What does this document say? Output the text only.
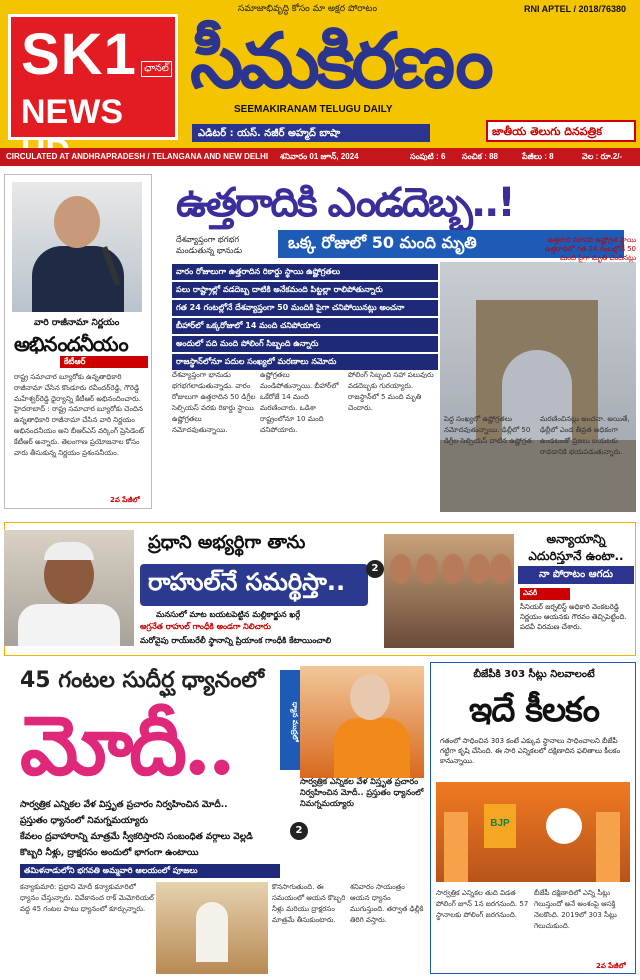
SK1 ఛానల్
NEWS
సమాజాభివృద్ధి కోసం మా అక్షర పోరాటం	RNI APTEL / 2018/76380
సీమకిరణం
SEEMAKIRANAM TELUGU DAILY
ఎడిటర్ : యస్. నజీర్ అహ్మద్ బాషా	జాతీయ తెలుగు దినపత్రిక
CIRCULATED AT ANDHRAPRADESH / TELANGANA AND NEW DELHI శనివారం 01 జూన్, 2024	సంపుటి : 6 సంచిక : 88	పేజీలు : 8	వెల : రూ.2/-
వారి రాజీనామా నిర్ణయం
అభినందనీయం
కేటీఆర్
రాష్ట్ర సమాచార బ్యూరోకు ఉన్నతాధికారి రాజీనామా చేసిన కొండూరు రవీందర్‌రెడ్డి, గౌరెడ్డి మహేశ్వర్‌రెడ్డి ధైర్యాన్ని కేటీఆర్ అభినందించారు.
హైదరాబాద్ : రాష్ట్ర సమాచార బ్యూరోకు చెందిన ఉన్నతాధికారి రాజీనామా చేసిన వారి నిర్ణయం అభినందనీయం అని బీఆర్ఎస్ వర్కింగ్ ప్రెసిడెంట్ కేటీఆర్ అన్నారు. తెలంగాణ ప్రయోజనాల కోసం వారు తీసుకున్న నిర్ణయం ప్రశంసనీయం.
2వ పేజీలో
ఉత్తరాదికి ఎండదెబ్బ..!
దేశవ్యాప్తంగా భగభగ మండుతున్న భానుడు	ఒక్క రోజులో 50 మంది మృతి
వారం రోజులుగా ఉత్తరాదిన రికార్డు స్థాయి ఉష్ణోగ్రతలు
పలు రాష్ట్రాల్లో వడదెబ్బ దాటికి అనేకమంది పిట్టల్లా రాలిపోతున్నారు
గత 24 గంటల్లోనే దేశవ్యాప్తంగా 50 మందికి పైగా చనిపోయినట్లు అంచనా
బీహార్‌లో ఒక్కరోజులో 14 మంది చనిపోయారు
అందులో పది మంది పోలింగ్ సిబ్బంది ఉన్నారు
రాజస్థాన్‌లోనూ పదుల సంఖ్యలో మరణాలు నమోదు
ఉత్తరాది సరాసరి ఉష్ణోగ్రత స్థాయి ఉత్తరాదిలో గత 24 గంటల్లోనే 50 మంది పైగా మృతి చెందినట్లు
దేశవ్యాప్తంగా భానుడు భగభగలాడుతున్నాడు. వారం రోజులుగా ఉత్తరాదిన 50 డిగ్రీల సెల్సియస్ వరకు రికార్డు స్థాయి ఉష్ణోగ్రతలు నమోదవుతున్నాయి.
ఉష్ణోగ్రతలు మండిపోతున్నాయి. బీహార్‌లో ఒకేరోజే 14 మంది మరణించారు. ఒడిశా రాష్ట్రంలోనూ 10 మంది చనిపోయారు.
పోలింగ్ సిబ్బంది సహా పలువురు వడదెబ్బకు గురయ్యారు. రాజస్థాన్‌లో 5 మంది మృతి చెందారు.
పెద్ద సంఖ్యలో ఉష్ణోగ్రతలు నమోదవుతున్నాయి. ఢిల్లీలో 50 డిగ్రీల సెల్సియస్ దాటిన ఉష్ణోగ్రత.
మరణించినట్లు అంచనా. అయితే, ఢిల్లీలో ఎండ తీవ్రత అధికంగా ఉండటంతో ప్రజలు బయటకు రావడానికి భయపడుతున్నారు.
ప్రధాని అభ్యర్థిగా తాను
రాహుల్‌నే సమర్థిస్తా..
మనసులో మాట బయటపెట్టిన మల్లికార్జున ఖర్గే
అగ్రనేత రాహుల్ గాంధీకి అండగా నిలిచారు
మరోవైపు రాయ్‌బరేలీ స్థానాన్ని ప్రియాంక గాంధీకి కేటాయించాలి
2
అన్యాయాన్ని ఎదురిస్తూనే ఉంటా..
నా పోరాటం ఆగదు
ఎవరీ
సీనియర్ జర్నలిస్ట్ అధికారి వెంకటరెడ్డి నిర్ణయం ఆయనకు గౌరవం తెచ్చిపెట్టింది. పదవీ విరమణ చేశారు.
45 గంటల సుదీర్ఘ ధ్యానంలో
మోదీ..	ధ్యాన ముద్రలో
సార్వత్రిక ఎన్నికల వేళ విస్తృత ప్రచారం నిర్వహించిన మోదీ.. ప్రస్తుతం ధ్యానంలో నిమగ్నమయ్యారు
సార్వత్రిక ఎన్నికల వేళ విస్తృత ప్రచారం నిర్వహించిన మోదీ..
ప్రస్తుతం ధ్యానంలో నిమగ్నమయ్యారు
కేవలం ద్రవాహారాన్ని మాత్రమే స్వీకరిస్తారని సంబంధిత వర్గాలు వెల్లడి
కొబ్బరి నీళ్లు, ద్రాక్షరసం అందులో భాగంగా ఉంటాయి
2
తమిళనాడులోని భగవతి అమ్మవారి ఆలయంలో పూజలు
కన్యాకుమారి: ప్రధాని మోదీ కన్యాకుమారిలో ధ్యానం చేస్తున్నారు. వివేకానంద రాక్ మెమోరియల్ వద్ద 45 గంటల పాటు ధ్యానంలో కూర్చున్నారు.
కొనసాగుతుంది. ఈ సమయంలో ఆయన కొబ్బరి నీళ్లు మరియు ద్రాక్షరసం మాత్రమే తీసుకుంటారు.
శనివారం సాయంత్రం ఆయన ధ్యానం ముగుస్తుంది. తర్వాత ఢిల్లీకి తిరిగి వస్తారు.
బీజేపీకి 303 సీట్లు నిలవాలంటే
ఇదే కీలకం
గతంలో సాధించిన 303 కంటే ఎక్కువ స్థానాలు సాధించాలని బీజేపీ గట్టిగా కృషి చేసింది. ఈ సారి ఎన్నికలలో దక్షిణాదిన ఫలితాలు కీలకం కానున్నాయి.
BJP
సార్వత్రిక ఎన్నికల తుది విడత పోలింగ్ జూన్ 1న జరగనుంది. 57 స్థానాలకు పోలింగ్ జరగనుంది.
బీజేపీ దక్షిణాదిలో ఎన్ని సీట్లు గెలుస్తుందో అనే అంశంపై ఆసక్తి నెలకొంది. 2019లో 303 సీట్లు గెలుచుకుంది.
2వ పేజీలో
